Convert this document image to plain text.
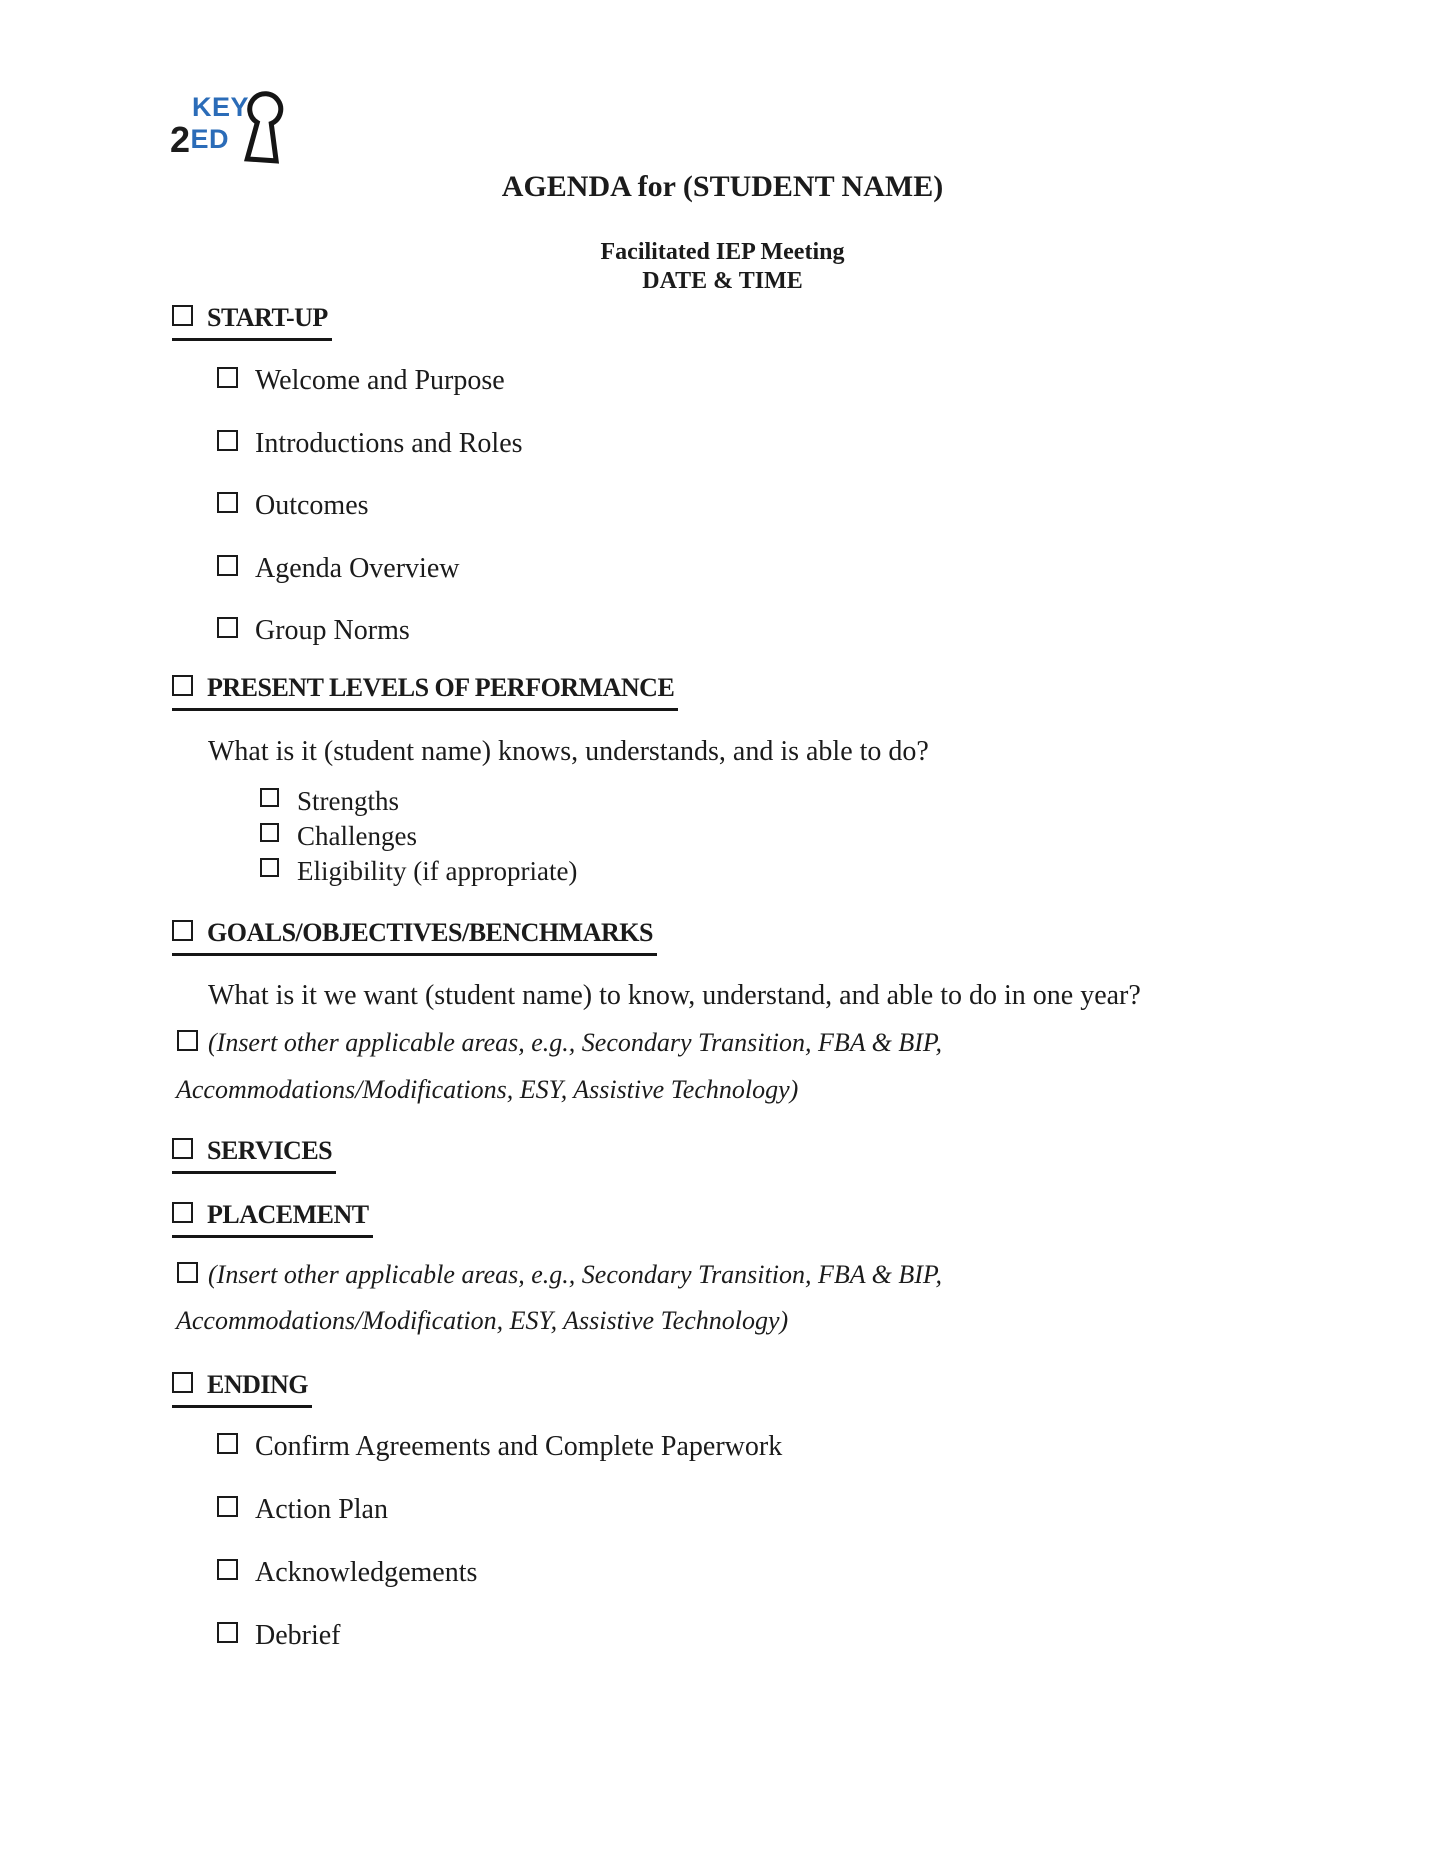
KEY
2ED
AGENDA for (STUDENT NAME)
Facilitated IEP Meeting
DATE & TIME
START-UP
Welcome and Purpose
Introductions and Roles
Outcomes
Agenda Overview
Group Norms
PRESENT LEVELS OF PERFORMANCE
What is it (student name) knows, understands, and is able to do?
Strengths
Challenges
Eligibility (if appropriate)
GOALS/OBJECTIVES/BENCHMARKS
What is it we want (student name) to know, understand, and able to do in one year?
(Insert other applicable areas, e.g., Secondary Transition, FBA & BIP,
Accommodations/Modifications, ESY, Assistive Technology)
SERVICES
PLACEMENT
(Insert other applicable areas, e.g., Secondary Transition, FBA & BIP,
Accommodations/Modification, ESY, Assistive Technology)
ENDING
Confirm Agreements and Complete Paperwork
Action Plan
Acknowledgements
Debrief
